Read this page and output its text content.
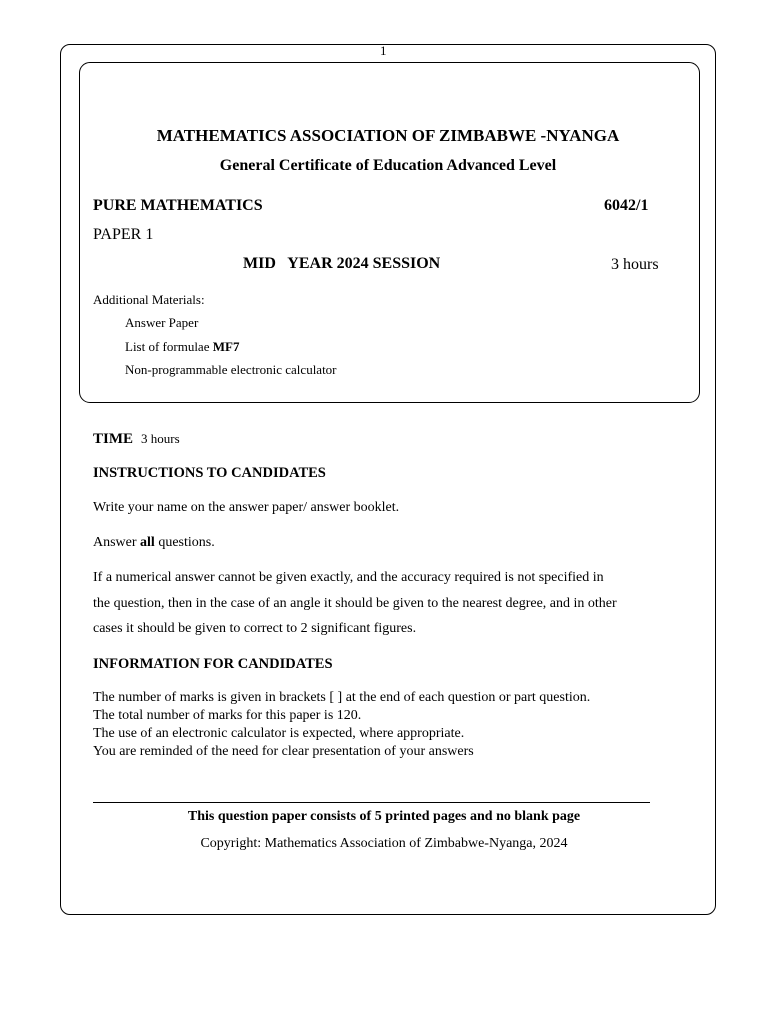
1
MATHEMATICS ASSOCIATION OF ZIMBABWE -NYANGA
General Certificate of Education Advanced Level
PURE MATHEMATICS	6042/1
PAPER 1
MID   YEAR 2024 SESSION	3 hours
Additional Materials:
Answer Paper
List of formulae MF7
Non-programmable electronic calculator
TIME 3 hours
INSTRUCTIONS TO CANDIDATES
Write your name on the answer paper/ answer booklet.
Answer all questions.
If a numerical answer cannot be given exactly, and the accuracy required is not specified in
the question, then in the case of an angle it should be given to the nearest degree, and in other
cases it should be given to correct to 2 significant figures.
INFORMATION FOR CANDIDATES
The number of marks is given in brackets [ ] at the end of each question or part question.
The total number of marks for this paper is 120.
The use of an electronic calculator is expected, where appropriate.
You are reminded of the need for clear presentation of your answers
This question paper consists of 5 printed pages and no blank page
Copyright: Mathematics Association of Zimbabwe-Nyanga, 2024
